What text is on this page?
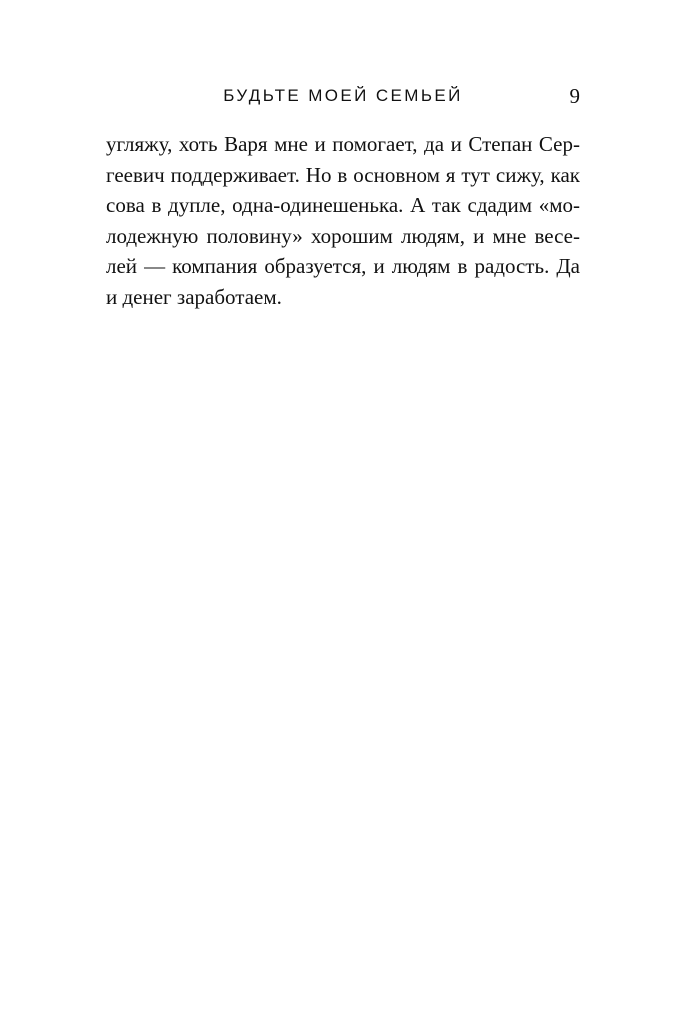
БУДЬТЕ МОЕЙ СЕМЬЕЙ	9
угляжу, хоть Варя мне и помогает, да и Степан Сер-
геевич поддерживает. Но в основном я тут сижу, как
сова в дупле, одна-одинешенька. А так сдадим «мо-
лодежную половину» хорошим людям, и мне весе-
лей — компания образуется, и людям в радость. Да
и денег заработаем.
